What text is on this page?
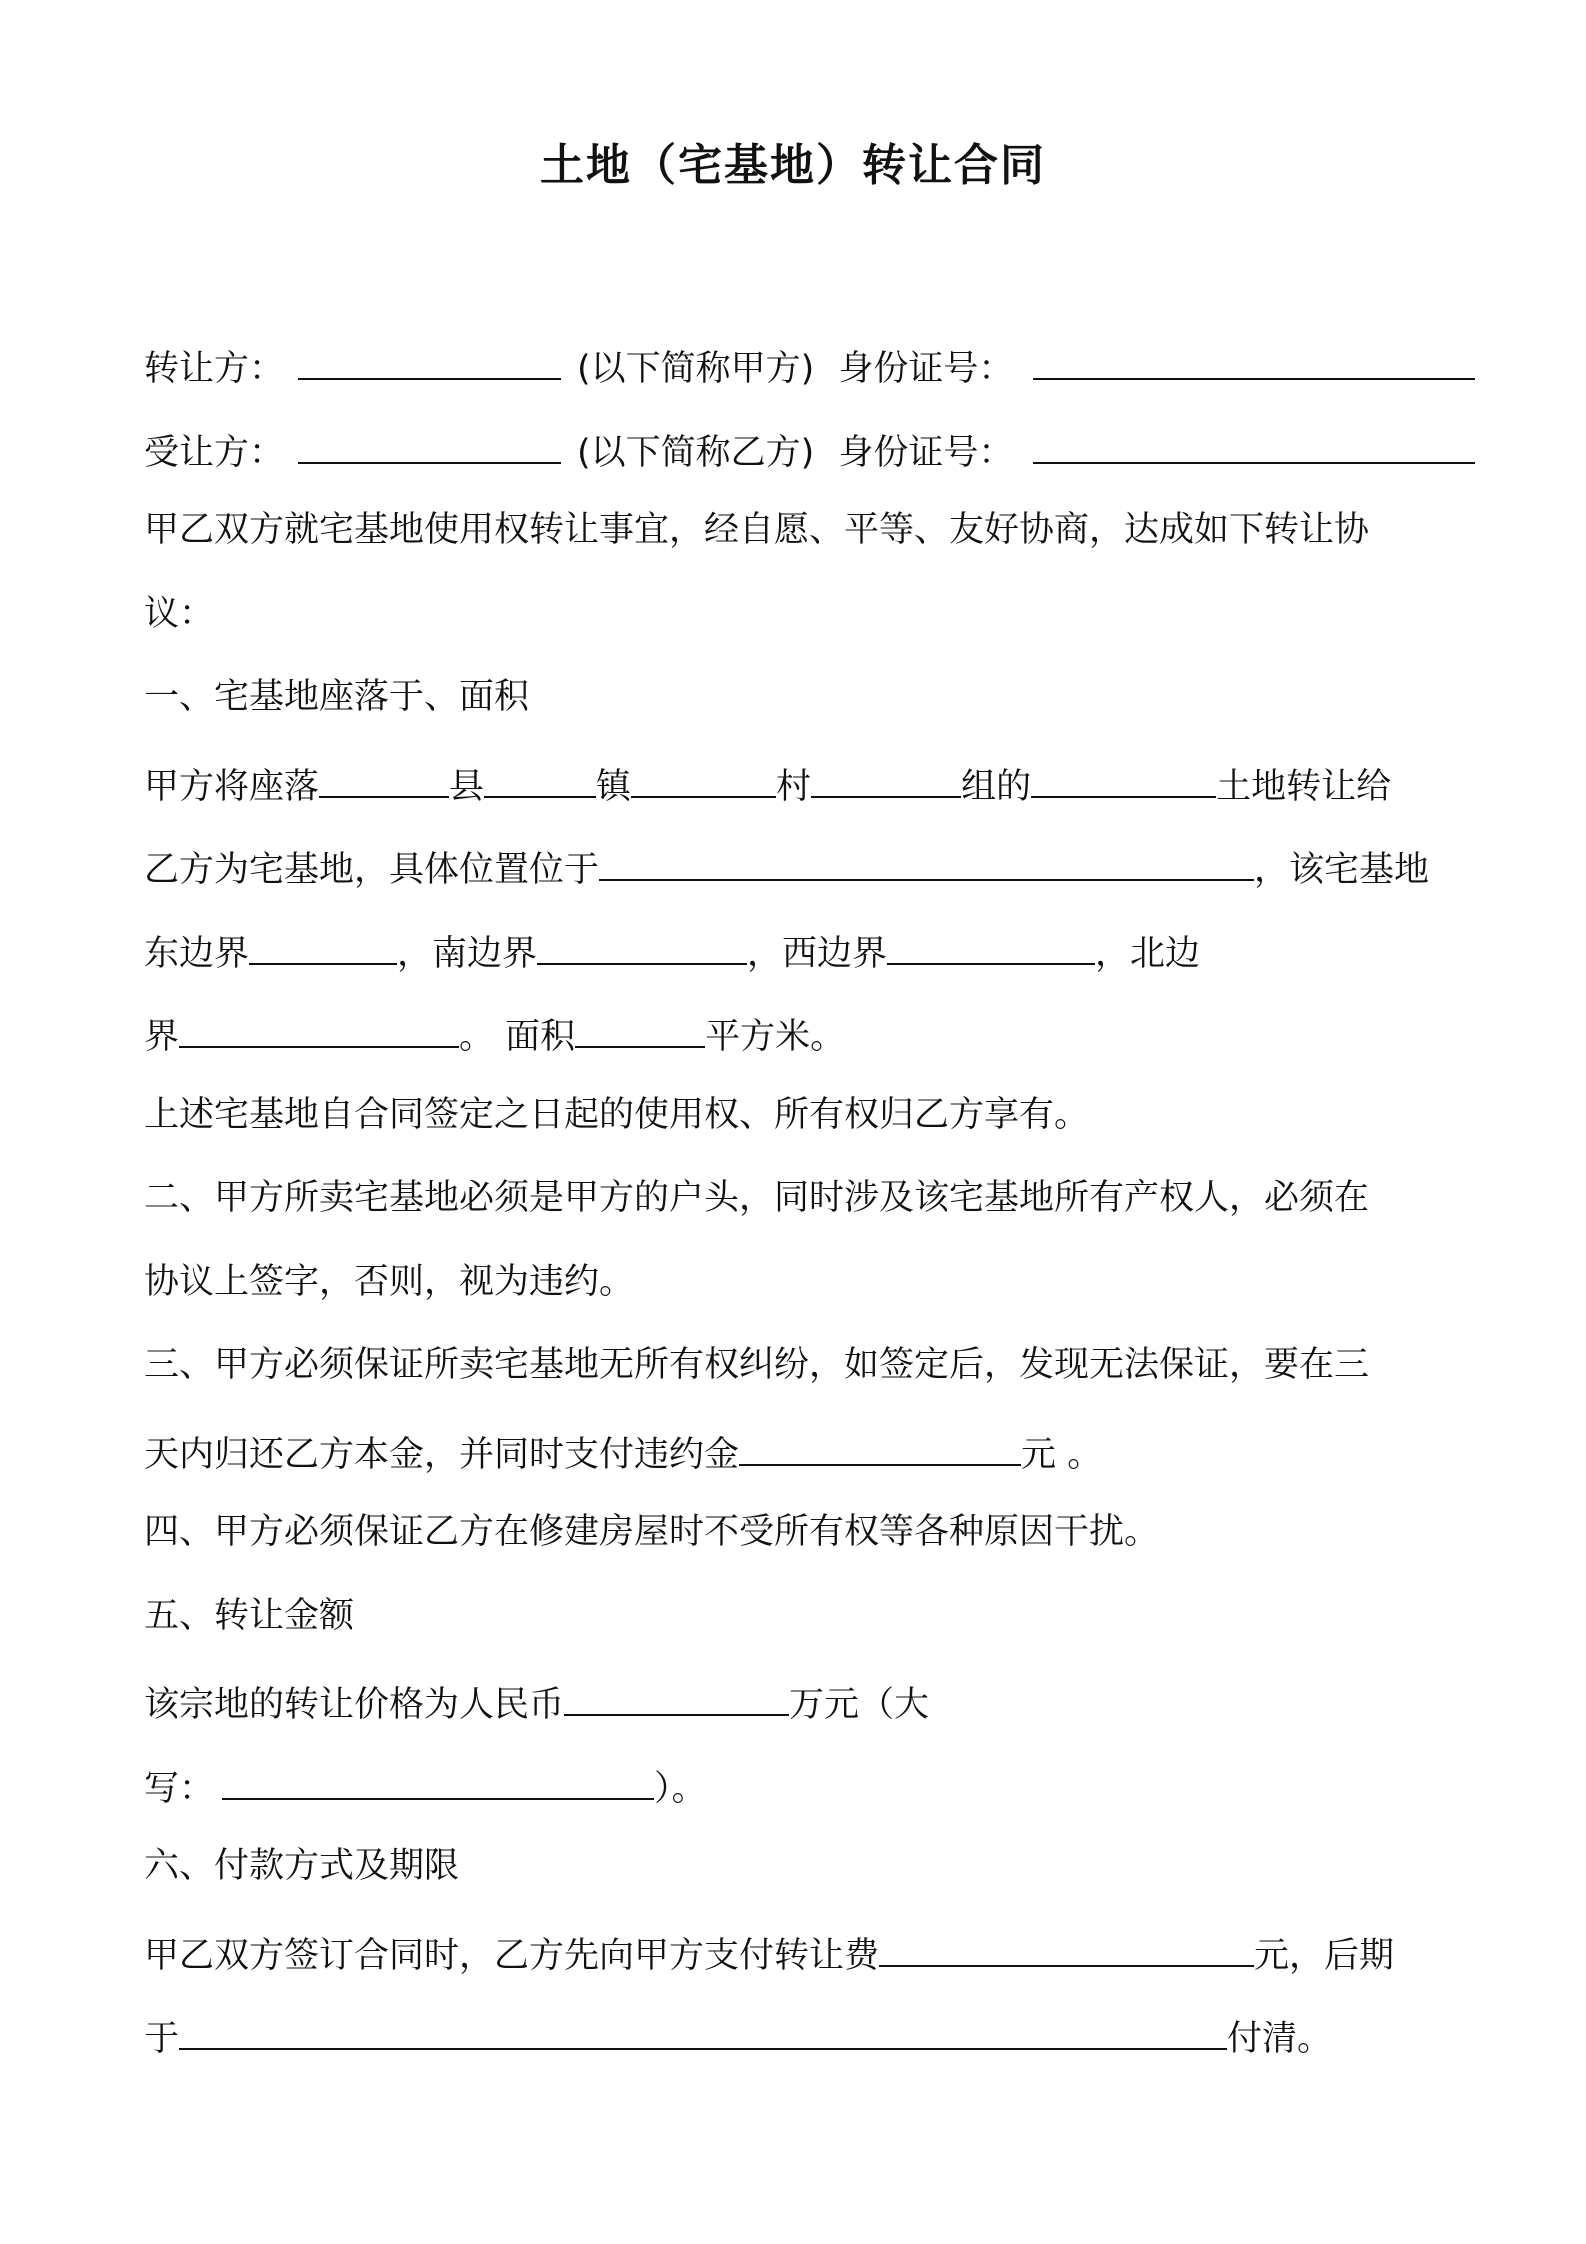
土地（宅基地）转让合同
转让方：	(以下简称甲方) 身份证号：
受让方：	(以下简称乙方) 身份证号：
甲乙双方就宅基地使用权转让事宜，经自愿、平等、友好协商，达成如下转让协
议：
一、宅基地座落于、面积
甲方将座落	县	镇	村	组的	土地转让给
乙方为宅基地，具体位置位于	，该宅基地
东边界	，南边界	，西边界	，北边
界	。 面积	平方米。
上述宅基地自合同签定之日起的使用权、所有权归乙方享有。
二、甲方所卖宅基地必须是甲方的户头，同时涉及该宅基地所有产权人，必须在
协议上签字，否则，视为违约。
三、甲方必须保证所卖宅基地无所有权纠纷，如签定后，发现无法保证，要在三
天内归还乙方本金，并同时支付违约金	元 。
四、甲方必须保证乙方在修建房屋时不受所有权等各种原因干扰。
五、转让金额
该宗地的转让价格为人民币	万元（大
写：	）。
六、付款方式及期限
甲乙双方签订合同时，乙方先向甲方支付转让费	元，后期
于	付清。
